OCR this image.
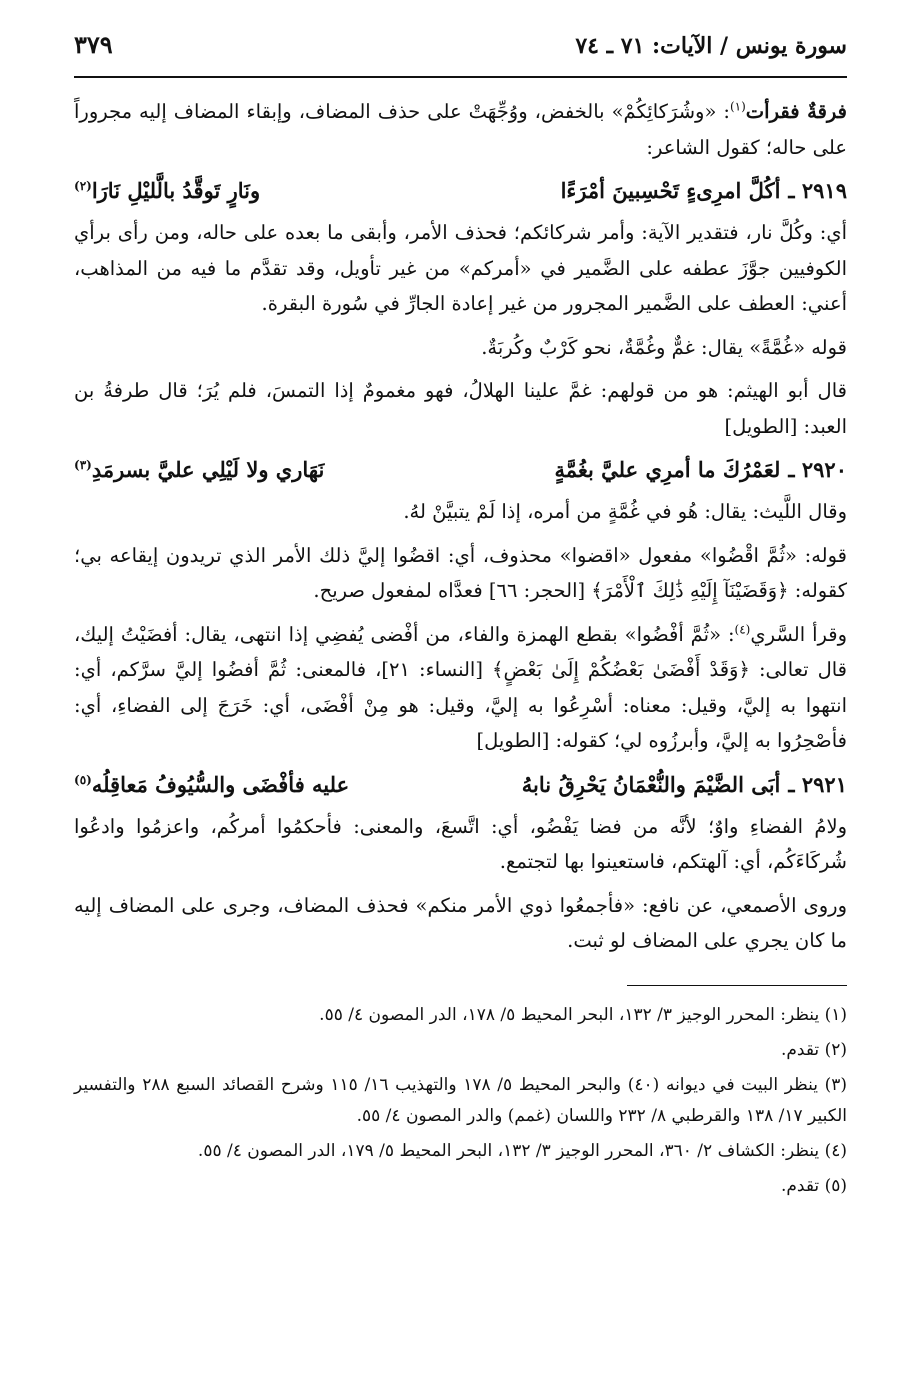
سورة يونس / الآيات: ٧١ ـ ٧٤
٣٧٩

فرقةٌ فقرأت$^{(١)}$: «وشُرَكائِكُمْ» بالخفض، ووُجِّهَتْ على حذف المضاف، وإبقاء المضاف إليه مجروراً على حاله؛ كقول الشاعر:

٢٩١٩ ـ
أكُلَّ امرِىءٍ تَحْسِبينَ أمْرَءًا
ونَارٍ تَوقَّدُ بالَّليْلِ نَارَا$^{(٢)}$

أي: وكُلَّ نار، فتقدير الآية: وأمر شركائكم؛ فحذف الأمر، وأبقى ما بعده على حاله، ومن رأى برأي الكوفيين جوَّزَ عطفه على الضَّمير في «أمركم» من غير تأويل، وقد تقدَّم ما فيه من المذاهب، أعني: العطف على الضَّمير المجرور من غير إعادة الجارِّ في سُورة البقرة.

قوله «غُمَّةً» يقال: غمٌّ وغُمَّةٌ، نحو كَرْبٌ وكُربَةٌ.

قال أبو الهيثم: هو من قولهم: غمَّ علينا الهلالُ، فهو مغمومٌ إذا التمسَ، فلم يُرَ؛ قال طرفةُ بن العبد: [الطويل]

٢٩٢٠ ـ
لعَمْرُكَ ما أمرِي عليَّ بغُمَّةٍ
نَهَاري ولا لَيْلِي عليَّ بسرمَدِ$^{(٣)}$

وقال اللَّيث: يقال: هُو في غُمَّةٍ من أمره، إذا لَمْ يتبيَّنْ لهُ.

قوله: «ثُمَّ اقْضُوا» مفعول «اقضوا» محذوف، أي: اقضُوا إليَّ ذلك الأمر الذي تريدون إيقاعه بي؛ كقوله: ﴿وَقَضَيْنَآ إِلَيْهِ ذَٰلِكَ ٱلْأَمْرَ﴾ [الحجر: ٦٦] فعدَّاه لمفعول صريح.

وقرأ السَّري$^{(٤)}$: «ثُمَّ أفْضُوا» بقطع الهمزة والفاء، من أفْضى يُفضِي إذا انتهى، يقال: أفضَيْتُ إليك، قال تعالى: ﴿وَقَدْ أَفْضَىٰ بَعْضُكُمْ إِلَىٰ بَعْضٍ﴾ [النساء: ٢١]، فالمعنى: ثُمَّ أفضُوا إليَّ سرَّكم، أي: انتهوا به إليَّ، وقيل: معناه: أسْرِعُوا به إليَّ، وقيل: هو مِنْ أفْضَى، أي: خَرَجَ إلى الفضاءِ، أي: فأصْحِرُوا به إليَّ، وأبرزُوه لي؛ كقوله: [الطويل]

٢٩٢١ ـ
أبَى الضَّيْمَ والنُّعْمَانُ يَحْرِقُ نابهُ
عليه فأفْضَى والسُّيُوفُ مَعاقِلُه$^{(٥)}$

ولامُ الفضاءِ واوٌ؛ لأنَّه من فضا يَفْضُو، أي: اتَّسعَ، والمعنى: فأحكمُوا أمركُم، واعزمُوا وادعُوا شُركَاءَكُم، أي: آلهتكم، فاستعينوا بها لتجتمع.

وروى الأصمعي، عن نافع: «فأجمعُوا ذوي الأمر منكم» فحذف المضاف، وجرى على المضاف إليه ما كان يجري على المضاف لو ثبت.

(١) ينظر: المحرر الوجيز ٣/ ١٣٢، البحر المحيط ٥/ ١٧٨، الدر المصون ٤/ ٥٥.

(٢) تقدم.

(٣) ينظر البيت في ديوانه (٤٠) والبحر المحيط ٥/ ١٧٨ والتهذيب ١٦/ ١١٥ وشرح القصائد السبع ٢٨٨ والتفسير الكبير ١٧/ ١٣٨ والقرطبي ٨/ ٢٣٢ واللسان (غمم) والدر المصون ٤/ ٥٥.

(٤) ينظر: الكشاف ٢/ ٣٦٠، المحرر الوجيز ٣/ ١٣٢، البحر المحيط ٥/ ١٧٩، الدر المصون ٤/ ٥٥.

(٥) تقدم.
